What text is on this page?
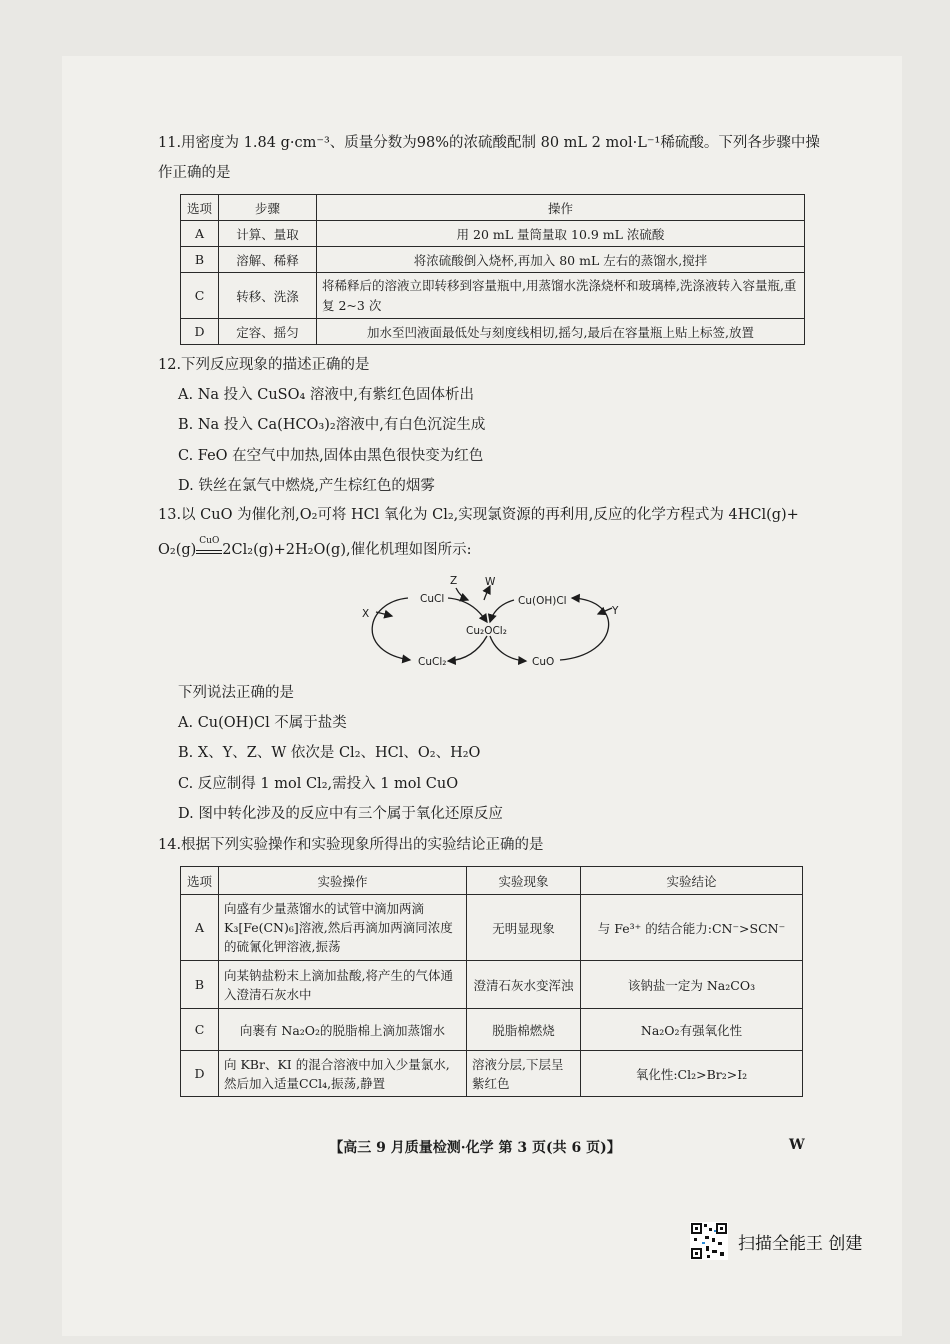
11.用密度为 1.84 g·cm⁻³、质量分数为98%的浓硫酸配制 80 mL 2 mol·L⁻¹稀硫酸。下列各步骤中操
作正确的是
选项	步骤	操作
A	计算、量取	用 20 mL 量筒量取 10.9 mL 浓硫酸
B	溶解、稀释	将浓硫酸倒入烧杯,再加入 80 mL 左右的蒸馏水,搅拌
C	转移、洗涤	将稀释后的溶液立即转移到容量瓶中,用蒸馏水洗涤烧杯和玻璃棒,洗涤液转入容量瓶,重复 2~3 次
D	定容、摇匀	加水至凹液面最低处与刻度线相切,摇匀,最后在容量瓶上贴上标签,放置
12.下列反应现象的描述正确的是
A. Na 投入 CuSO₄ 溶液中,有紫红色固体析出
B. Na 投入 Ca(HCO₃)₂溶液中,有白色沉淀生成
C. FeO 在空气中加热,固体由黑色很快变为红色
D. 铁丝在氯气中燃烧,产生棕红色的烟雾
13.以 CuO 为催化剂,O₂可将 HCl 氧化为 Cl₂,实现氯资源的再利用,反应的化学方程式为 4HCl(g)+
O₂(g)
CuO
2Cl₂(g)+2H₂O(g),催化机理如图所示:
CuCl	Cu(OH)Cl
Cu₂OCl₂
CuCl₂	CuO
X	Y
Z	W
下列说法正确的是
A. Cu(OH)Cl 不属于盐类
B. X、Y、Z、W 依次是 Cl₂、HCl、O₂、H₂O
C. 反应制得 1 mol Cl₂,需投入 1 mol CuO
D. 图中转化涉及的反应中有三个属于氧化还原反应
14.根据下列实验操作和实验现象所得出的实验结论正确的是
选项	实验操作	实验现象	实验结论
A	向盛有少量蒸馏水的试管中滴加两滴 K₃[Fe(CN)₆]溶液,然后再滴加两滴同浓度的硫氰化钾溶液,振荡	无明显现象	与 Fe³⁺ 的结合能力:CN⁻>SCN⁻
B	向某钠盐粉末上滴加盐酸,将产生的气体通入澄清石灰水中	澄清石灰水变浑浊	该钠盐一定为 Na₂CO₃
C	向裹有 Na₂O₂的脱脂棉上滴加蒸馏水	脱脂棉燃烧	Na₂O₂有强氧化性
D	向 KBr、KI 的混合溶液中加入少量氯水,然后加入适量CCl₄,振荡,静置	溶液分层,下层呈紫红色	氧化性:Cl₂>Br₂>I₂
【高三 9 月质量检测·化学 第 3 页(共 6 页)】	W
扫描全能王 创建
